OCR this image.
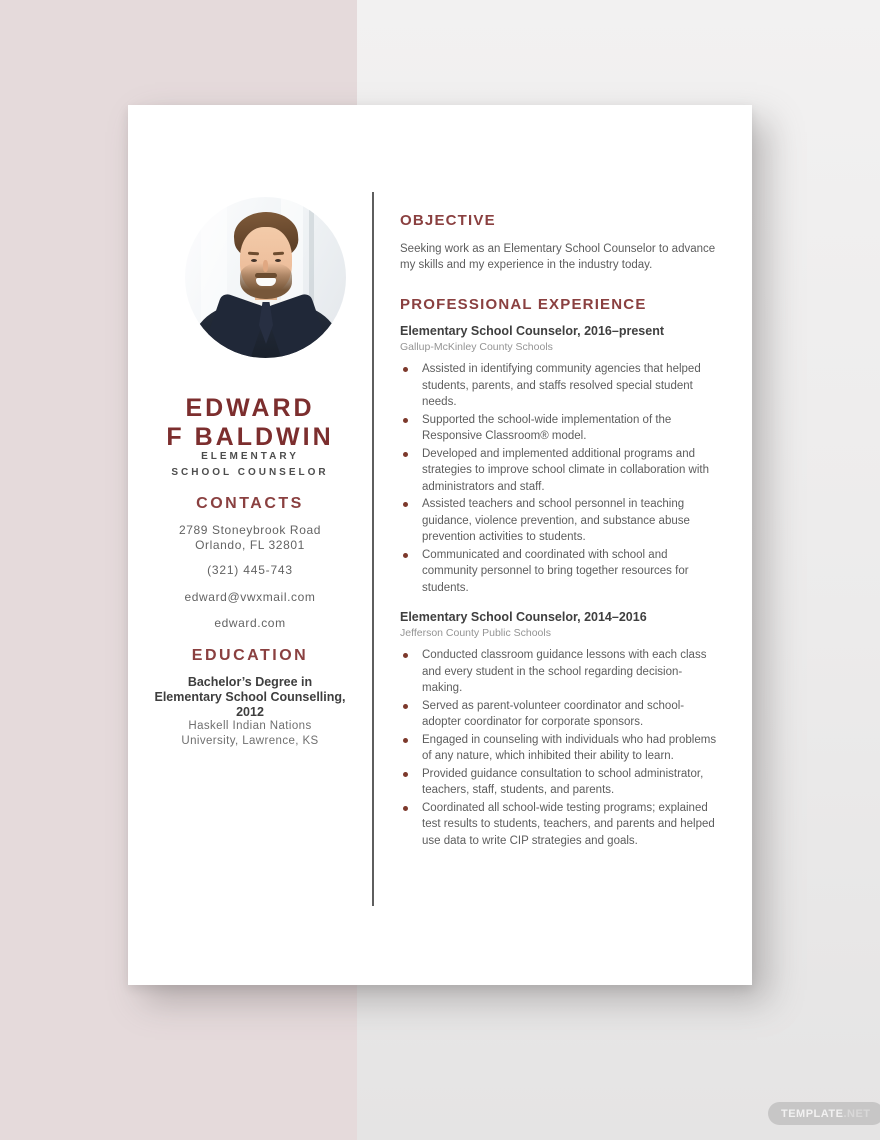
EDWARD
F BALDWIN
ELEMENTARY
SCHOOL COUNSELOR
CONTACTS
2789 Stoneybrook Road
Orlando, FL 32801
(321) 445-743
edward@vwxmail.com
edward.com
EDUCATION
Bachelor’s Degree in
Elementary School Counselling,
2012
Haskell Indian Nations
University, Lawrence, KS
OBJECTIVE

Seeking work as an Elementary School Counselor to advance my skills and my experience in the industry today.

PROFESSIONAL EXPERIENCE
Elementary School Counselor, 2016–present
Gallup-McKinley County Schools
Assisted in identifying community agencies that helped students, parents, and staffs resolved special student needs.
Supported the school-wide implementation of the Responsive Classroom® model.
Developed and implemented additional programs and strategies to improve school climate in collaboration with administrators and staff.
Assisted teachers and school personnel in teaching guidance, violence prevention, and substance abuse prevention activities to students.
Communicated and coordinated with school and community personnel to bring together resources for students.
Elementary School Counselor, 2014–2016
Jefferson County Public Schools
Conducted classroom guidance lessons with each class and every student in the school regarding decision-making.
Served as parent-volunteer coordinator and school-adopter coordinator for corporate sponsors.
Engaged in counseling with individuals who had problems of any nature, which inhibited their ability to learn.
Provided guidance consultation to school administrator, teachers, staff, students, and parents.
Coordinated all school-wide testing programs; explained test results to students, teachers, and parents and helped use data to write CIP strategies and goals.
TEMPLATE .NET
